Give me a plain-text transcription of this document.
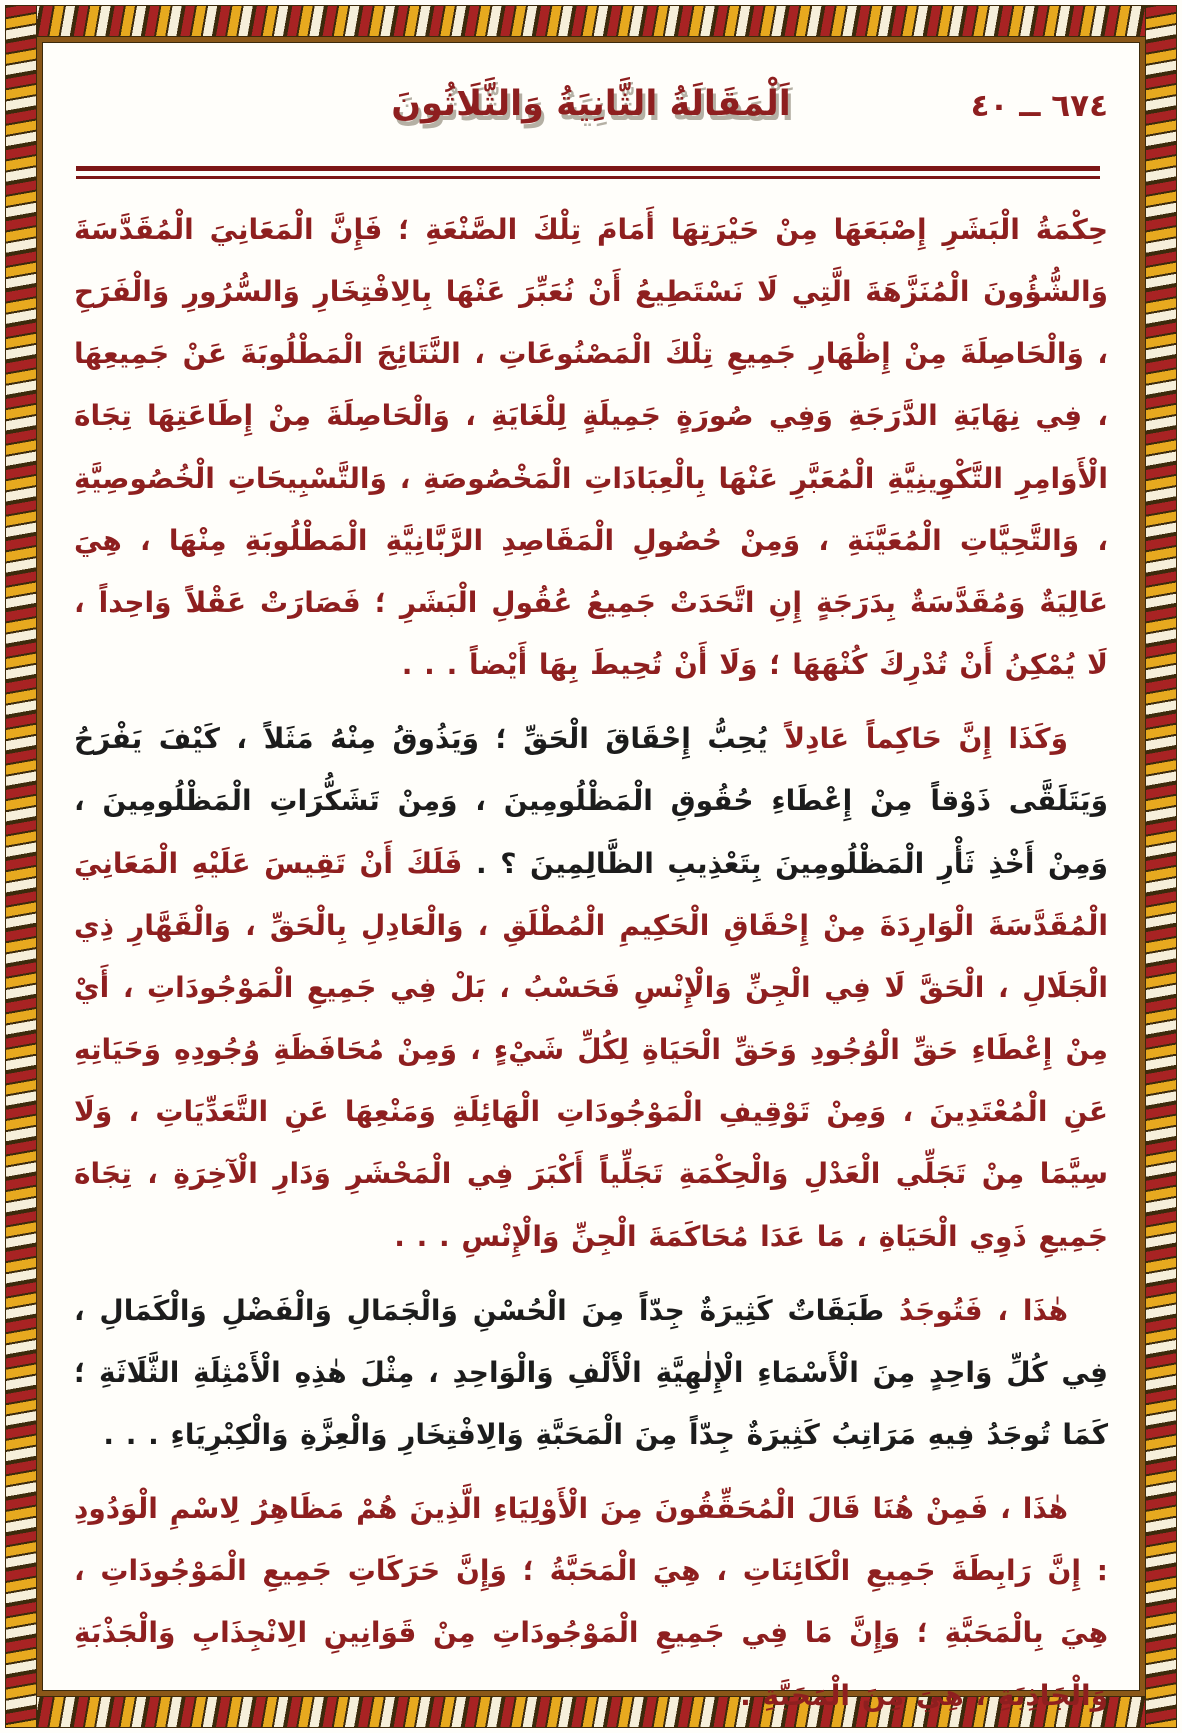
٦٧٤ ــ ٤٠
اَلْمَقَالَةُ الثَّانِيَةُ وَالثَّلَاثُونَ

حِكْمَةُ الْبَشَرِ إِصْبَعَهَا مِنْ حَيْرَتِهَا أَمَامَ تِلْكَ الصَّنْعَةِ ؛ فَإِنَّ الْمَعَانِيَ الْمُقَدَّسَةَ وَالشُّؤُونَ الْمُنَزَّهَةَ الَّتِي لَا نَسْتَطِيعُ أَنْ نُعَبِّرَ عَنْهَا بِالِافْتِخَارِ وَالسُّرُورِ وَالْفَرَحِ ، وَالْحَاصِلَةَ مِنْ إِظْهَارِ جَمِيعِ تِلْكَ الْمَصْنُوعَاتِ ، النَّتَائِجَ الْمَطْلُوبَةَ عَنْ جَمِيعِهَا ، فِي نِهَايَةِ الدَّرَجَةِ وَفِي صُورَةٍ جَمِيلَةٍ لِلْغَايَةِ ، وَالْحَاصِلَةَ مِنْ إِطَاعَتِهَا تِجَاهَ الْأَوَامِرِ التَّكْوِينِيَّةِ الْمُعَبَّرِ عَنْهَا بِالْعِبَادَاتِ الْمَخْصُوصَةِ ، وَالتَّسْبِيحَاتِ الْخُصُوصِيَّةِ ، وَالتَّحِيَّاتِ الْمُعَيَّنَةِ ، وَمِنْ حُصُولِ الْمَقَاصِدِ الرَّبَّانِيَّةِ الْمَطْلُوبَةِ مِنْهَا ، هِيَ عَالِيَةٌ وَمُقَدَّسَةٌ بِدَرَجَةٍ إِنِ اتَّحَدَتْ جَمِيعُ عُقُولِ الْبَشَرِ ؛ فَصَارَتْ عَقْلاً وَاحِداً ، لَا يُمْكِنُ أَنْ تُدْرِكَ كُنْهَهَا ؛ وَلَا أَنْ تُحِيطَ بِهَا أَيْضاً . . .

وَكَذَا إِنَّ حَاكِماً عَادِلاً يُحِبُّ إِحْقَاقَ الْحَقِّ ؛ وَيَذُوقُ مِنْهُ مَثَلاً ، كَيْفَ يَفْرَحُ وَيَتَلَقَّى ذَوْقاً مِنْ إِعْطَاءِ حُقُوقِ الْمَظْلُومِينَ ، وَمِنْ تَشَكُّرَاتِ الْمَظْلُومِينَ ، وَمِنْ أَخْذِ ثَأْرِ الْمَظْلُومِينَ بِتَعْذِيبِ الظَّالِمِينَ ؟ . فَلَكَ أَنْ تَقِيسَ عَلَيْهِ الْمَعَانِيَ الْمُقَدَّسَةَ الْوَارِدَةَ مِنْ إِحْقَاقِ الْحَكِيمِ الْمُطْلَقِ ، وَالْعَادِلِ بِالْحَقِّ ، وَالْقَهَّارِ ذِي الْجَلَالِ ، الْحَقَّ لَا فِي الْجِنِّ وَالْإِنْسِ فَحَسْبُ ، بَلْ فِي جَمِيعِ الْمَوْجُودَاتِ ، أَيْ مِنْ إِعْطَاءِ حَقِّ الْوُجُودِ وَحَقِّ الْحَيَاةِ لِكُلِّ شَيْءٍ ، وَمِنْ مُحَافَظَةِ وُجُودِهِ وَحَيَاتِهِ عَنِ الْمُعْتَدِينَ ، وَمِنْ تَوْقِيفِ الْمَوْجُودَاتِ الْهَائِلَةِ وَمَنْعِهَا عَنِ التَّعَدِّيَاتِ ، وَلَا سِيَّمَا مِنْ تَجَلِّي الْعَدْلِ وَالْحِكْمَةِ تَجَلِّياً أَكْبَرَ فِي الْمَحْشَرِ وَدَارِ الْآخِرَةِ ، تِجَاهَ جَمِيعِ ذَوِي الْحَيَاةِ ، مَا عَدَا مُحَاكَمَةَ الْجِنِّ وَالْإِنْسِ . . .

هٰذَا ، فَتُوجَدُ طَبَقَاتٌ كَثِيرَةٌ جِدّاً مِنَ الْحُسْنِ وَالْجَمَالِ وَالْفَضْلِ وَالْكَمَالِ ، فِي كُلِّ وَاحِدٍ مِنَ الْأَسْمَاءِ الْإِلٰهِيَّةِ الْأَلْفِ وَالْوَاحِدِ ، مِثْلَ هٰذِهِ الْأَمْثِلَةِ الثَّلَاثَةِ ؛ كَمَا تُوجَدُ فِيهِ مَرَاتِبُ كَثِيرَةٌ جِدّاً مِنَ الْمَحَبَّةِ وَالِافْتِخَارِ وَالْعِزَّةِ وَالْكِبْرِيَاءِ . . .

هٰذَا ، فَمِنْ هُنَا قَالَ الْمُحَقِّقُونَ مِنَ الْأَوْلِيَاءِ الَّذِينَ هُمْ مَظَاهِرُ لِاسْمِ الْوَدُودِ : إِنَّ رَابِطَةَ جَمِيعِ الْكَائِنَاتِ ، هِيَ الْمَحَبَّةُ ؛ وَإِنَّ حَرَكَاتِ جَمِيعِ الْمَوْجُودَاتِ ، هِيَ بِالْمَحَبَّةِ ؛ وَإِنَّ مَا فِي جَمِيعِ الْمَوْجُودَاتِ مِنْ قَوَانِينِ الِانْجِذَابِ وَالْجَذْبَةِ وَالْجَاذِبَةِ ، هِيَ مِنَ الْمَحَبَّةِ .
